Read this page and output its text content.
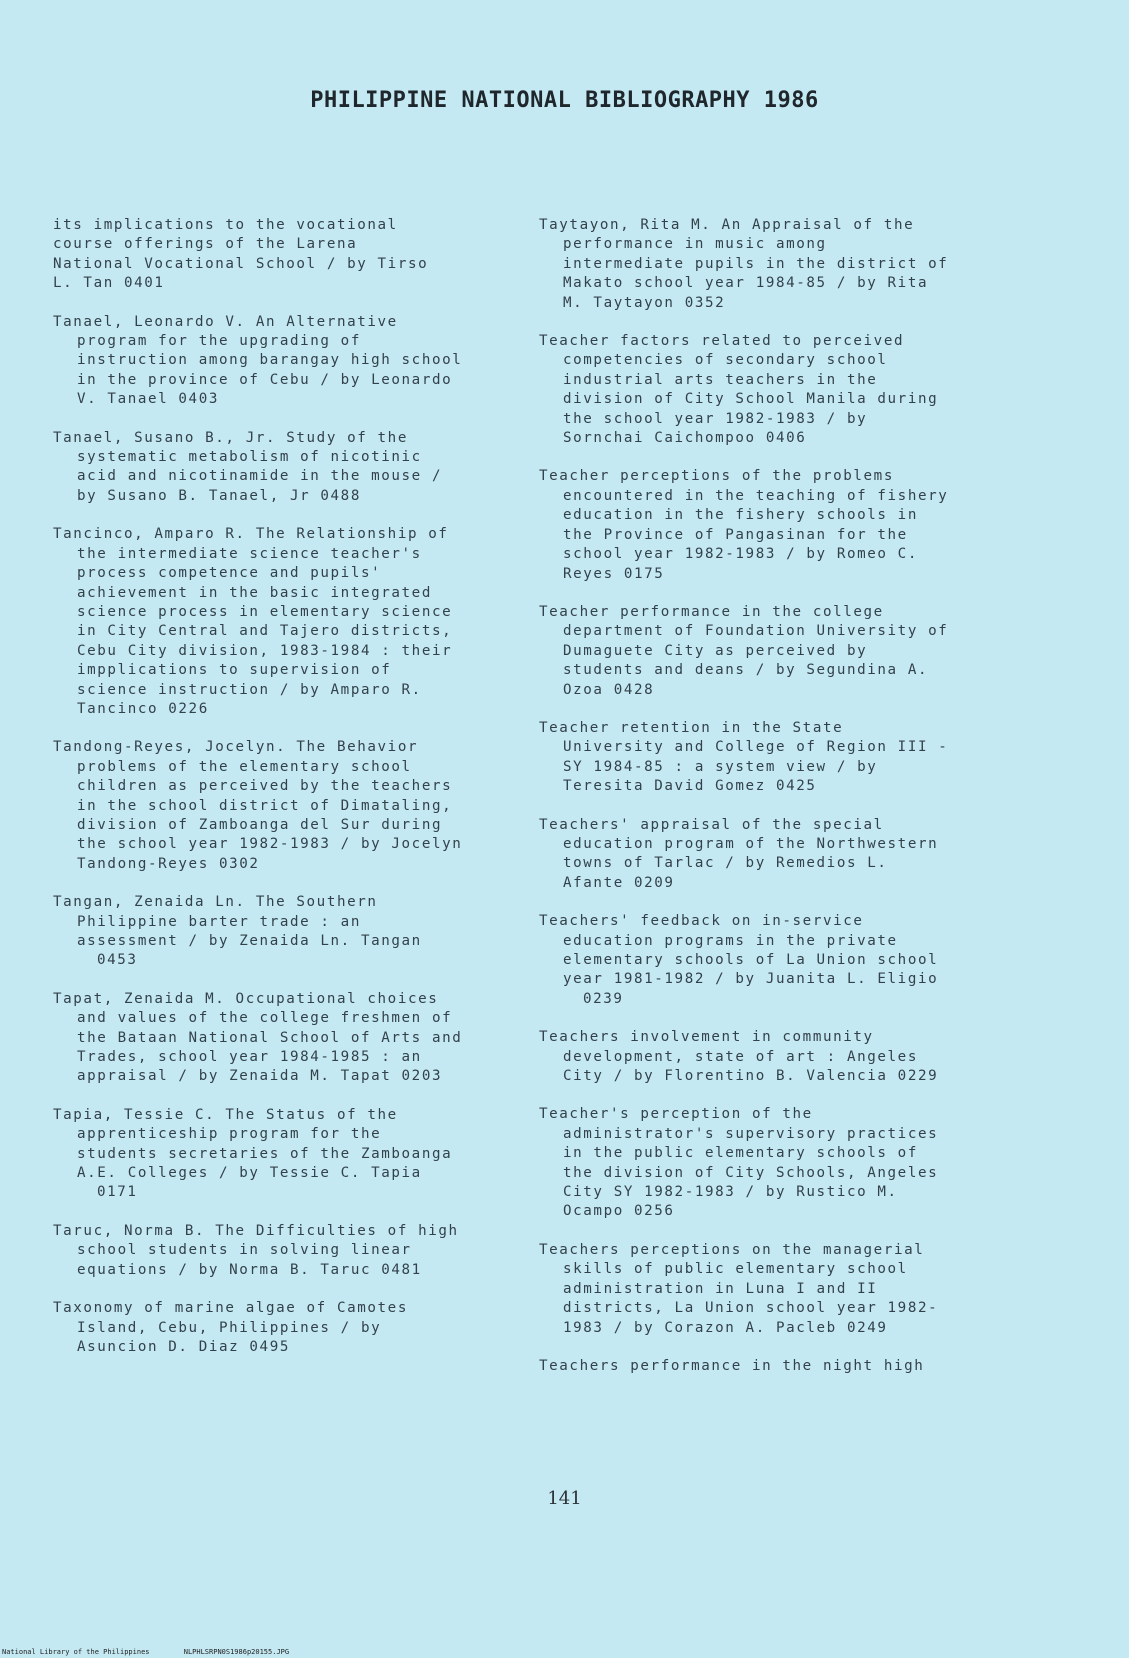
PHILIPPINE NATIONAL BIBLIOGRAPHY 1986
its implications to the vocational
course offerings of the Larena
National Vocational School / by Tirso
L. Tan 0401
Tanael, Leonardo V. An Alternative
program for the upgrading of
instruction among barangay high school
in the province of Cebu / by Leonardo
V. Tanael 0403
Tanael, Susano B., Jr. Study of the
systematic metabolism of nicotinic
acid and nicotinamide in the mouse /
by Susano B. Tanael, Jr 0488
Tancinco, Amparo R. The Relationship of
the intermediate science teacher's
process competence and pupils'
achievement in the basic integrated
science process in elementary science
in City Central and Tajero districts,
Cebu City division, 1983-1984 : their
impplications to supervision of
science instruction / by Amparo R.
Tancinco 0226
Tandong-Reyes, Jocelyn. The Behavior
problems of the elementary school
children as perceived by the teachers
in the school district of Dimataling,
division of Zamboanga del Sur during
the school year 1982-1983 / by Jocelyn
Tandong-Reyes 0302
Tangan, Zenaida Ln. The Southern
Philippine barter trade : an
assessment / by Zenaida Ln. Tangan
0453
Tapat, Zenaida M. Occupational choices
and values of the college freshmen of
the Bataan National School of Arts and
Trades, school year 1984-1985 : an
appraisal / by Zenaida M. Tapat 0203
Tapia, Tessie C. The Status of the
apprenticeship program for the
students secretaries of the Zamboanga
A.E. Colleges / by Tessie C. Tapia
0171
Taruc, Norma B. The Difficulties of high
school students in solving linear
equations / by Norma B. Taruc 0481
Taxonomy of marine algae of Camotes
Island, Cebu, Philippines / by
Asuncion D. Diaz 0495
Taytayon, Rita M. An Appraisal of the
performance in music among
intermediate pupils in the district of
Makato school year 1984-85 / by Rita
M. Taytayon 0352
Teacher factors related to perceived
competencies of secondary school
industrial arts teachers in the
division of City School Manila during
the school year 1982-1983 / by
Sornchai Caichompoo 0406
Teacher perceptions of the problems
encountered in the teaching of fishery
education in the fishery schools in
the Province of Pangasinan for the
school year 1982-1983 / by Romeo C.
Reyes 0175
Teacher performance in the college
department of Foundation University of
Dumaguete City as perceived by
students and deans / by Segundina A.
Ozoa 0428
Teacher retention in the State
University and College of Region III -
SY 1984-85 : a system view / by
Teresita David Gomez 0425
Teachers' appraisal of the special
education program of the Northwestern
towns of Tarlac / by Remedios L.
Afante 0209
Teachers' feedback on in-service
education programs in the private
elementary schools of La Union school
year 1981-1982 / by Juanita L. Eligio
0239
Teachers involvement in community
development, state of art : Angeles
City / by Florentino B. Valencia 0229
Teacher's perception of the
administrator's supervisory practices
in the public elementary schools of
the division of City Schools, Angeles
City SY 1982-1983 / by Rustico M.
Ocampo 0256
Teachers perceptions on the managerial
skills of public elementary school
administration in Luna I and II
districts, La Union school year 1982-
1983 / by Corazon A. Pacleb 0249
Teachers performance in the night high
141
National Library of the Philippines	NLPHLSRPN0S1986p20155.JPG
